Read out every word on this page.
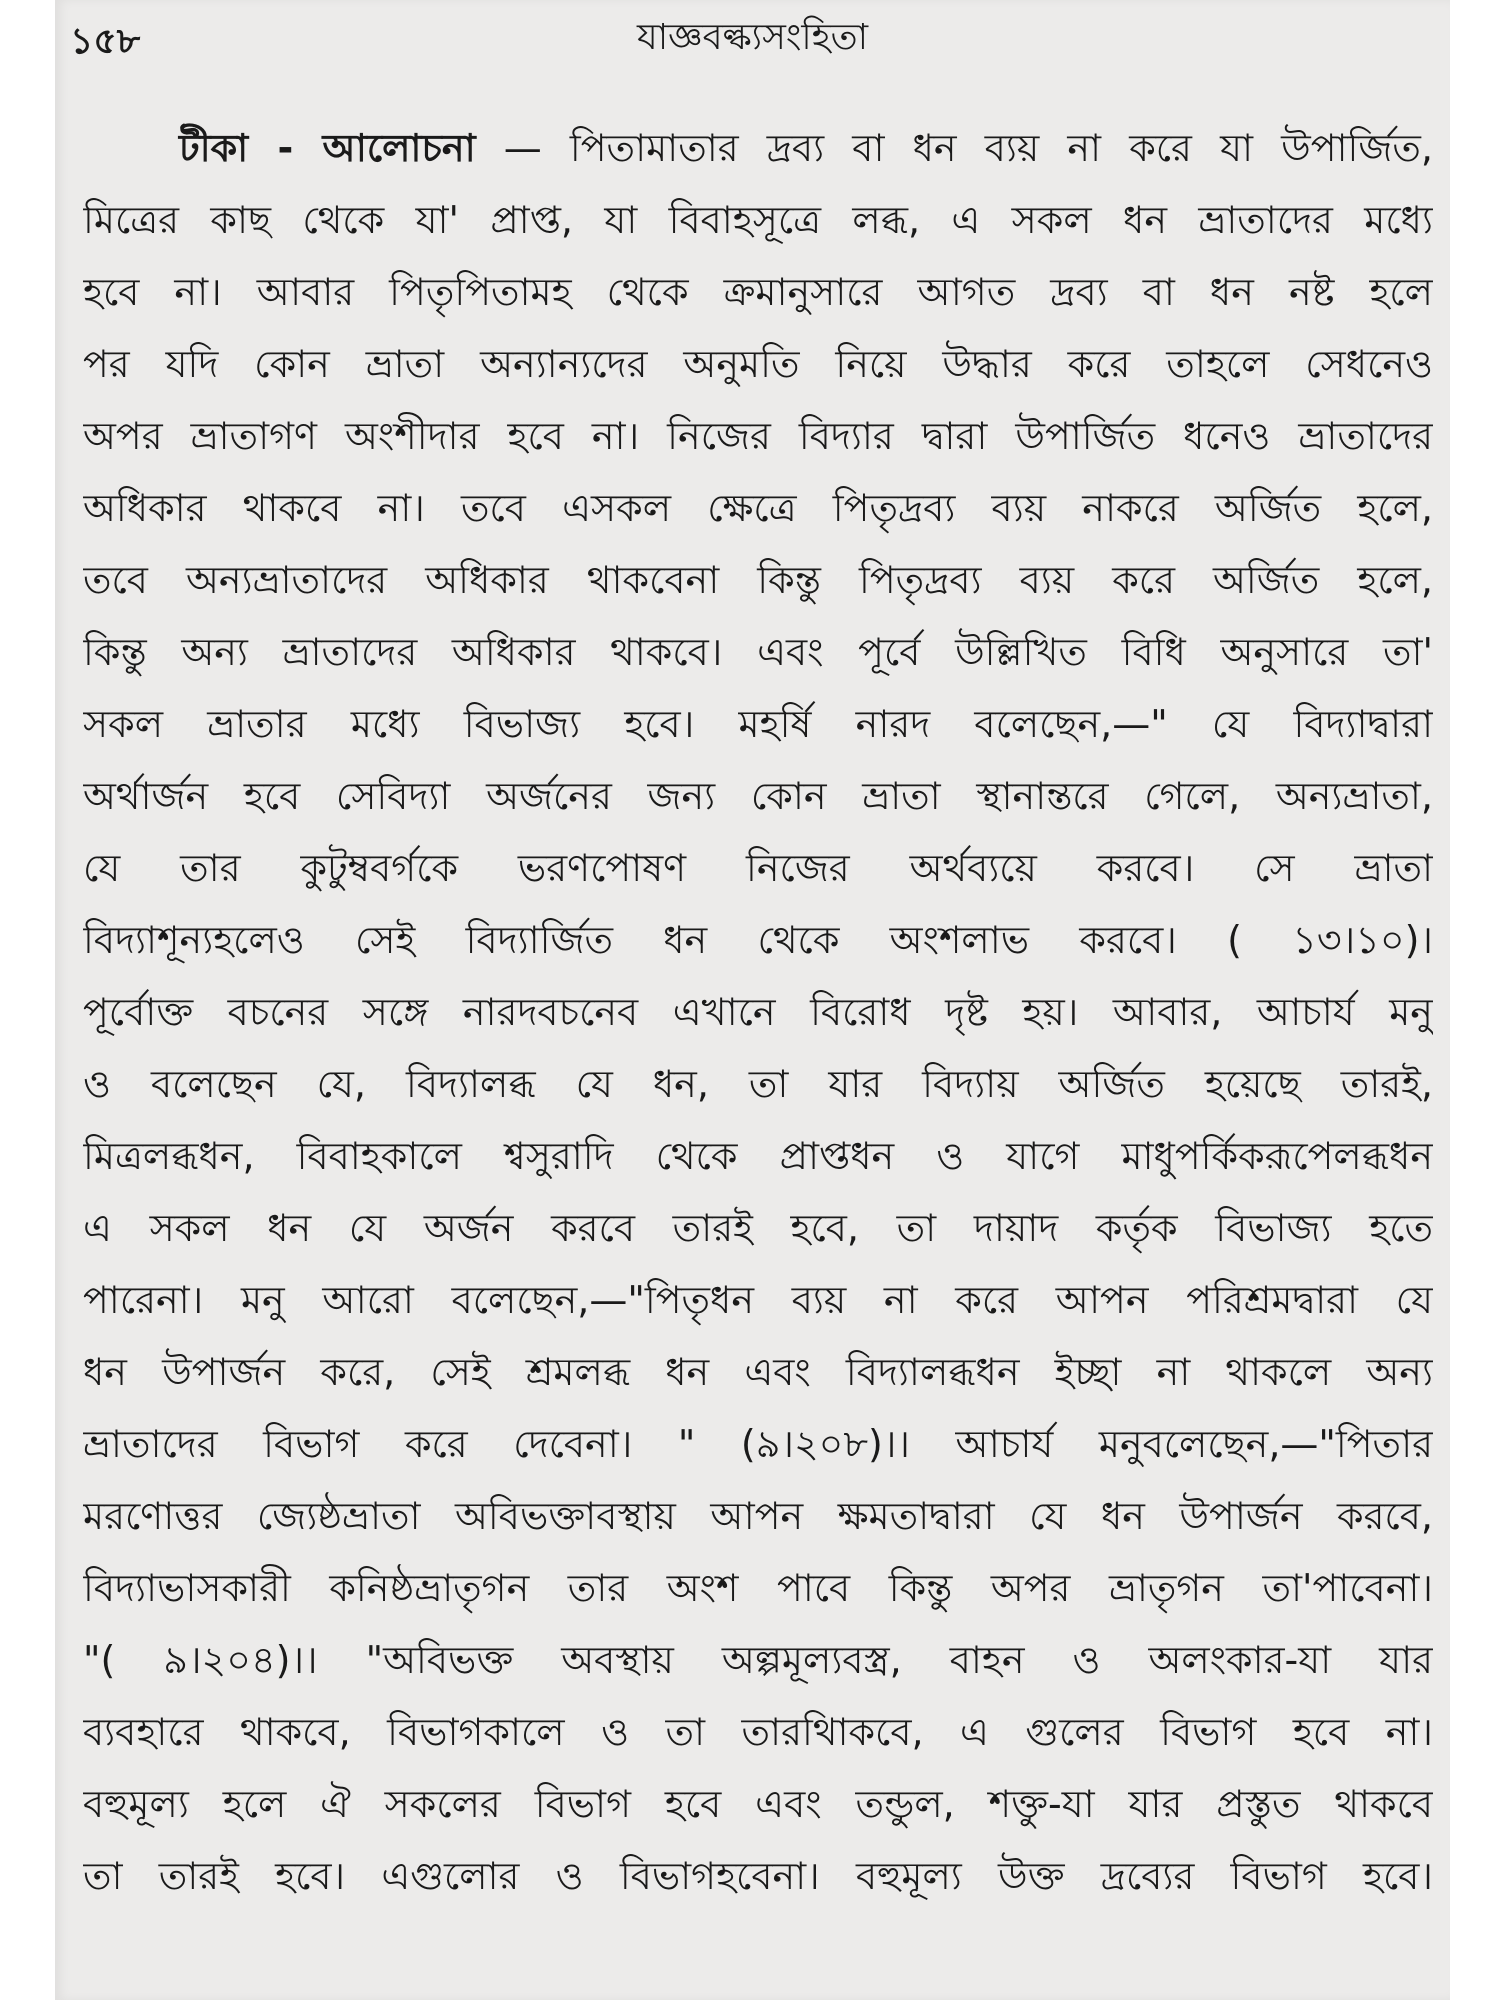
১৫৮	যাজ্ঞবল্ক্যসংহিতা
টীকা - আলোচনা — পিতামাতার দ্রব্য বা ধন ব্যয় না করে যা উপার্জিত,
মিত্রের কাছ থেকে যা' প্রাপ্ত, যা বিবাহসূত্রে লব্ধ, এ সকল ধন ভ্রাতাদের মধ্যে
হবে না। আবার পিতৃপিতামহ থেকে ক্রমানুসারে আগত দ্রব্য বা ধন নষ্ট হলে
পর যদি কোন ভ্রাতা অন্যান্যদের অনুমতি নিয়ে উদ্ধার করে তাহলে সেধনেও
অপর ভ্রাতাগণ অংশীদার হবে না। নিজের বিদ্যার দ্বারা উপার্জিত ধনেও ভ্রাতাদের
অধিকার থাকবে না। তবে এসকল ক্ষেত্রে পিতৃদ্রব্য ব্যয় নাকরে অর্জিত হলে,
তবে অন্যভ্রাতাদের অধিকার থাকবেনা কিন্তু পিতৃদ্রব্য ব্যয় করে অর্জিত হলে,
কিন্তু অন্য ভ্রাতাদের অধিকার থাকবে। এবং পূর্বে উল্লিখিত বিধি অনুসারে তা'
সকল ভ্রাতার মধ্যে বিভাজ্য হবে। মহর্ষি নারদ বলেছেন,—" যে বিদ্যাদ্বারা
অর্থার্জন হবে সেবিদ্যা অর্জনের জন্য কোন ভ্রাতা স্থানান্তরে গেলে, অন্যভ্রাতা,
যে তার কুটুম্ববর্গকে ভরণপোষণ নিজের অর্থব্যয়ে করবে। সে ভ্রাতা
বিদ্যাশূন্যহলেও সেই বিদ্যার্জিত ধন থেকে অংশলাভ করবে। ( ১৩।১০)।
পূর্বোক্ত বচনের সঙ্গে নারদবচনেব এখানে বিরোধ দৃষ্ট হয়। আবার, আচার্য মনু
ও বলেছেন যে, বিদ্যালব্ধ যে ধন, তা যার বিদ্যায় অর্জিত হয়েছে তারই,
মিত্রলব্ধধন, বিবাহকালে শ্বসুরাদি থেকে প্রাপ্তধন ও যাগে মাধুপর্কিকরূপেলব্ধধন
এ সকল ধন যে অর্জন করবে তারই হবে, তা দায়াদ কর্তৃক বিভাজ্য হতে
পারেনা। মনু আরো বলেছেন,—"পিতৃধন ব্যয় না করে আপন পরিশ্রমদ্বারা যে
ধন উপার্জন করে, সেই শ্রমলব্ধ ধন এবং বিদ্যালব্ধধন ইচ্ছা না থাকলে অন্য
ভ্রাতাদের বিভাগ করে দেবেনা। " (৯।২০৮)।। আচার্য মনুবলেছেন,—"পিতার
মরণোত্তর জ্যেষ্ঠভ্রাতা অবিভক্তাবস্থায় আপন ক্ষমতাদ্বারা যে ধন উপার্জন করবে,
বিদ্যাভাসকারী কনিষ্ঠভ্রাতৃগন তার অংশ পাবে কিন্তু অপর ভ্রাতৃগন তা'পাবেনা।
"( ৯।২০৪)।। "অবিভক্ত অবস্থায় অল্পমূল্যবস্ত্র, বাহন ও অলংকার-যা যার
ব্যবহারে থাকবে, বিভাগকালে ও তা তারথিাকবে, এ গুলের বিভাগ হবে না।
বহুমূল্য হলে ঐ সকলের বিভাগ হবে এবং তন্ডুল, শক্তু-যা যার প্রস্তুত থাকবে
তা তারই হবে। এগুলোর ও বিভাগহবেনা। বহুমূল্য উক্ত দ্রব্যের বিভাগ হবে।
